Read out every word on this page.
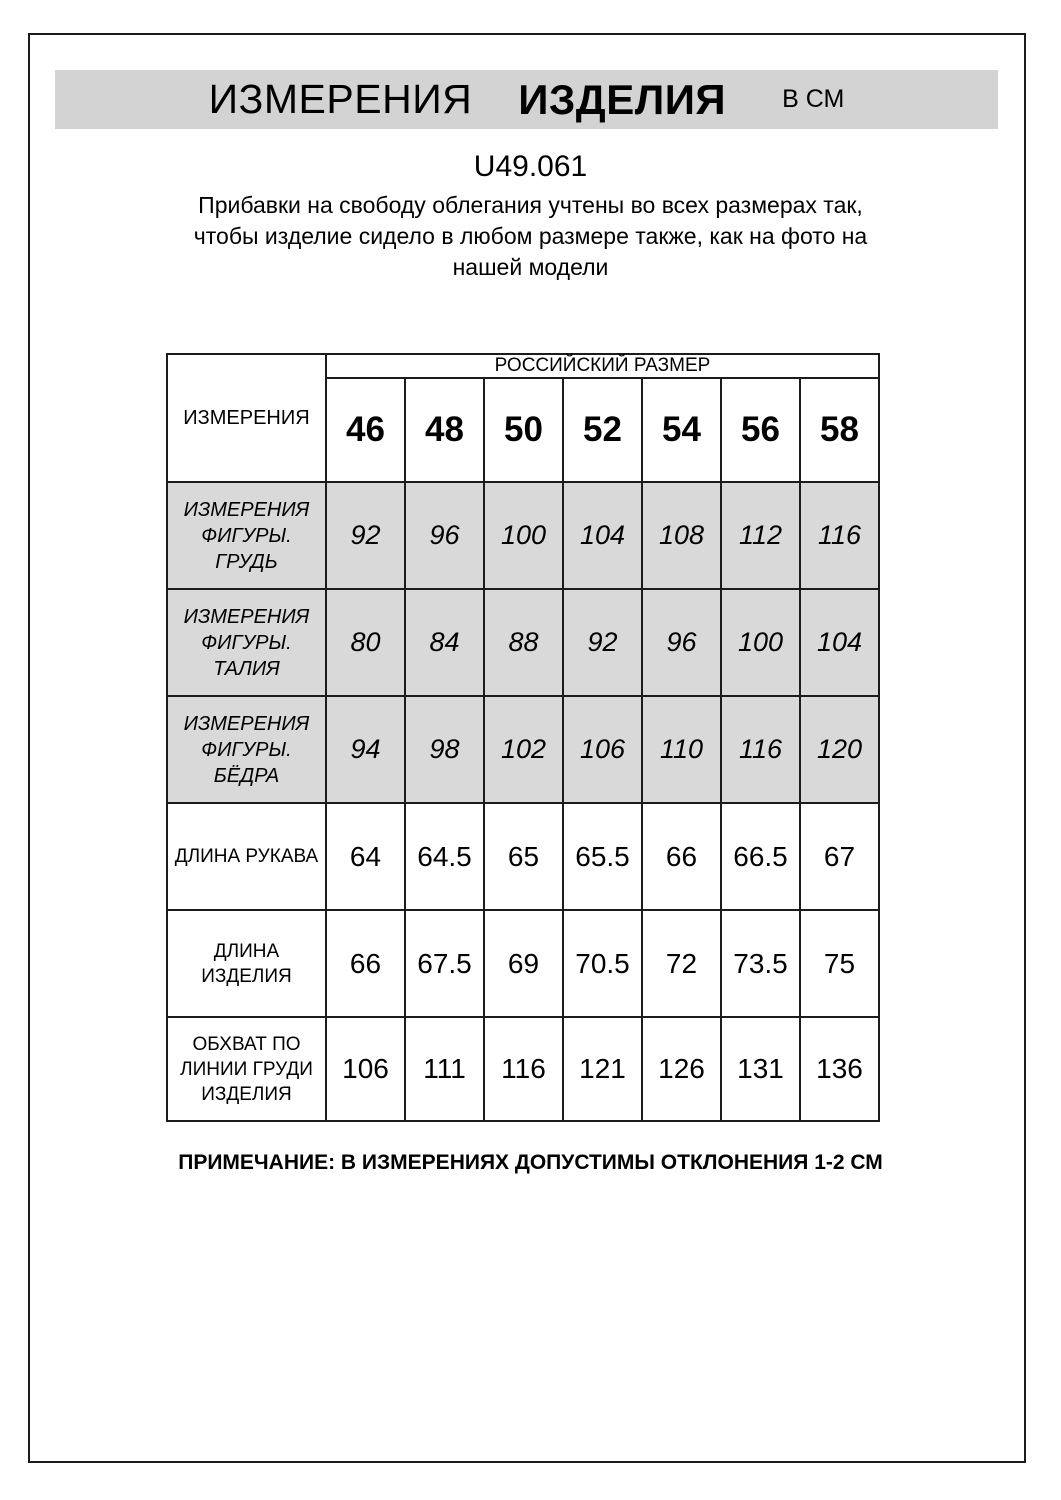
ИЗМЕРЕНИЯ ИЗДЕЛИЯ В СМ
U49.061
Прибавки на свободу облегания учтены во всех размерах так,
чтобы изделие сидело в любом размере также, как на фото на
нашей модели
ИЗМЕРЕНИЯ	РОССИЙСКИЙ РАЗМЕР						
	46	48	50	52	54	56	58

ИЗМЕРЕНИЯ
ФИГУРЫ. ГРУДЬ	92	96	100	104	108	112	116

ИЗМЕРЕНИЯ
ФИГУРЫ. ТАЛИЯ	80	84	88	92	96	100	104

ИЗМЕРЕНИЯ
ФИГУРЫ. БЁДРА	94	98	102	106	110	116	120

ДЛИНА РУКАВА	64	64.5	65	65.5	66	66.5	67

ДЛИНА ИЗДЕЛИЯ	66	67.5	69	70.5	72	73.5	75

ОБХВАТ ПО
ЛИНИИ ГРУДИ
ИЗДЕЛИЯ	106	111	116	121	126	131	136
ПРИМЕЧАНИЕ: В ИЗМЕРЕНИЯХ ДОПУСТИМЫ ОТКЛОНЕНИЯ 1-2 СМ
